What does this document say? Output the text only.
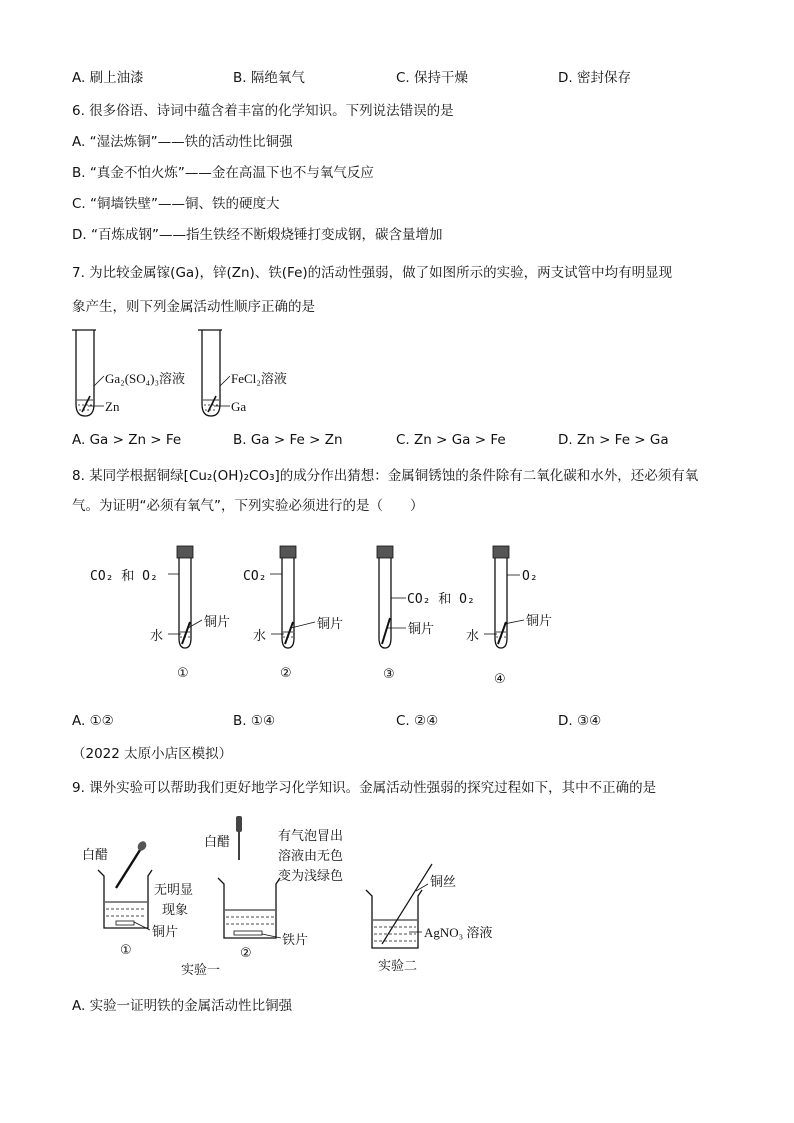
A. 刷上油漆	B. 隔绝氧气	C. 保持干燥	D. 密封保存
6. 很多俗语、诗词中蕴含着丰富的化学知识。下列说法错误的是
A. “湿法炼铜”——铁的活动性比铜强
B. “真金不怕火炼”——金在高温下也不与氧气反应
C. “铜墙铁壁”——铜、铁的硬度大
D. “百炼成钢”——指生铁经不断煅烧锤打变成钢，碳含量增加
7. 为比较金属镓(Ga)，锌(Zn)、铁(Fe)的活动性强弱，做了如图所示的实验，两支试管中均有明显现
象产生，则下列金属活动性顺序正确的是
Ga₂(SO₄)₃溶液
Zn
FeCl₂溶液
Ga
A. Ga > Zn > Fe	B. Ga > Fe > Zn	C. Zn > Ga > Fe	D. Zn > Fe > Ga
8. 某同学根据铜绿[Cu₂(OH)₂CO₃]的成分作出猜想：金属铜锈蚀的条件除有二氧化碳和水外，还必须有氧
气。为证明“必须有氧气”，下列实验必须进行的是（　　）
CO₂ 和 O₂
铜片
水
①
CO₂
铜片
水
②
CO₂ 和 O₂
铜片
③
O₂
铜片
水
④
A. ①②	B. ①④	C. ②④	D. ③④
（2022 太原小店区模拟）
9. 课外实验可以帮助我们更好地学习化学知识。金属活动性强弱的探究过程如下，其中不正确的是
白醋
无明显
现象
铜片
①
白醋	有气泡冒出
溶液由无色
变为浅绿色
铁片
②
实验一
铜丝
AgNO₃ 溶液
实验二
A. 实验一证明铁的金属活动性比铜强
